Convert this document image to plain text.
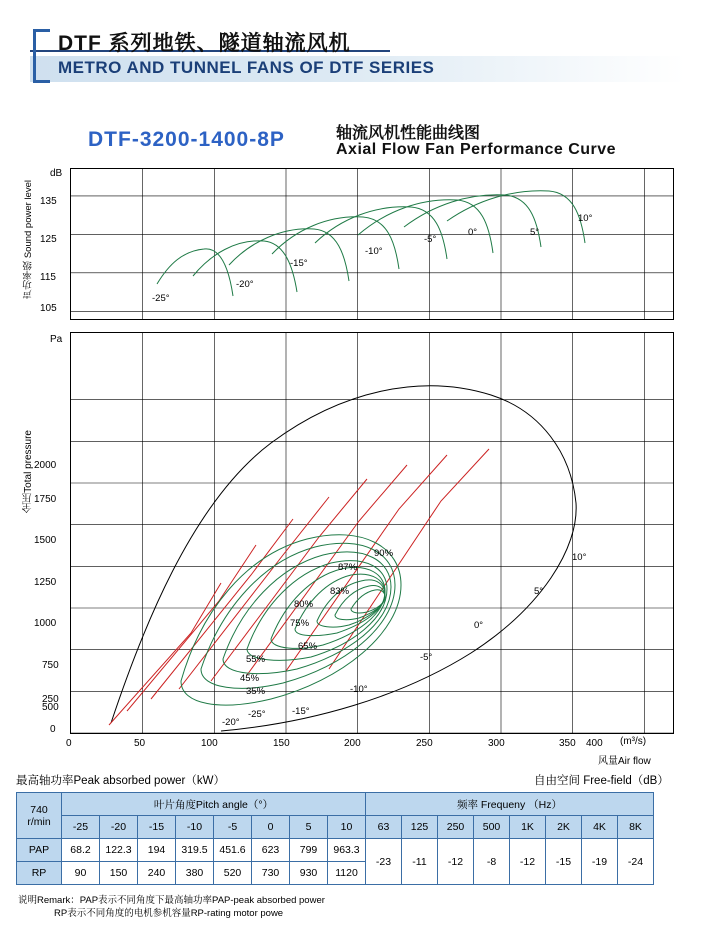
DTF 系列地铁、隧道轴流风机
METRO AND TUNNEL FANS OF DTF SERIES
DTF-3200-1400-8P	轴流风机性能曲线图
Axial Flow Fan Performance Curve
声功率级 Sound power level
全压Total pressure
dB
Pa
(m³/s)
风量Air flow
135
125
115
105
-25°
-20°
-15°
-10°
-5°
0°	5°
10°
2000
1750
1500
1250
1000
750
500
250
0
0	50	100	150	200	250	300	350 400
90%
87%
83%
80%
75%
65%
55%
45%
35%
10°
5°
0°
-5°
-10°
-15°
-20°
-25°
最高轴功率Peak absorbed power（kW）	自由空间 Free-field（dB）
740
r/min	叶片角度Pitch angle（°）								频率 Frequeny （Hz）							
	-25	-20	-15	-10	-5	0	5	10	63	125	250	500	1K	2K	4K	8K
PAP	68.2	122.3	194	319.5	451.6	623	799	963.3	-23	-11	-12	-8	-12	-15	-19	-24
RP	90	150	240	380	520	730	930	1120								
说明Remark：PAP表示不同角度下最高轴功率PAP-peak absorbed power
RP表示不同角度的电机参机容量RP-rating motor powe
